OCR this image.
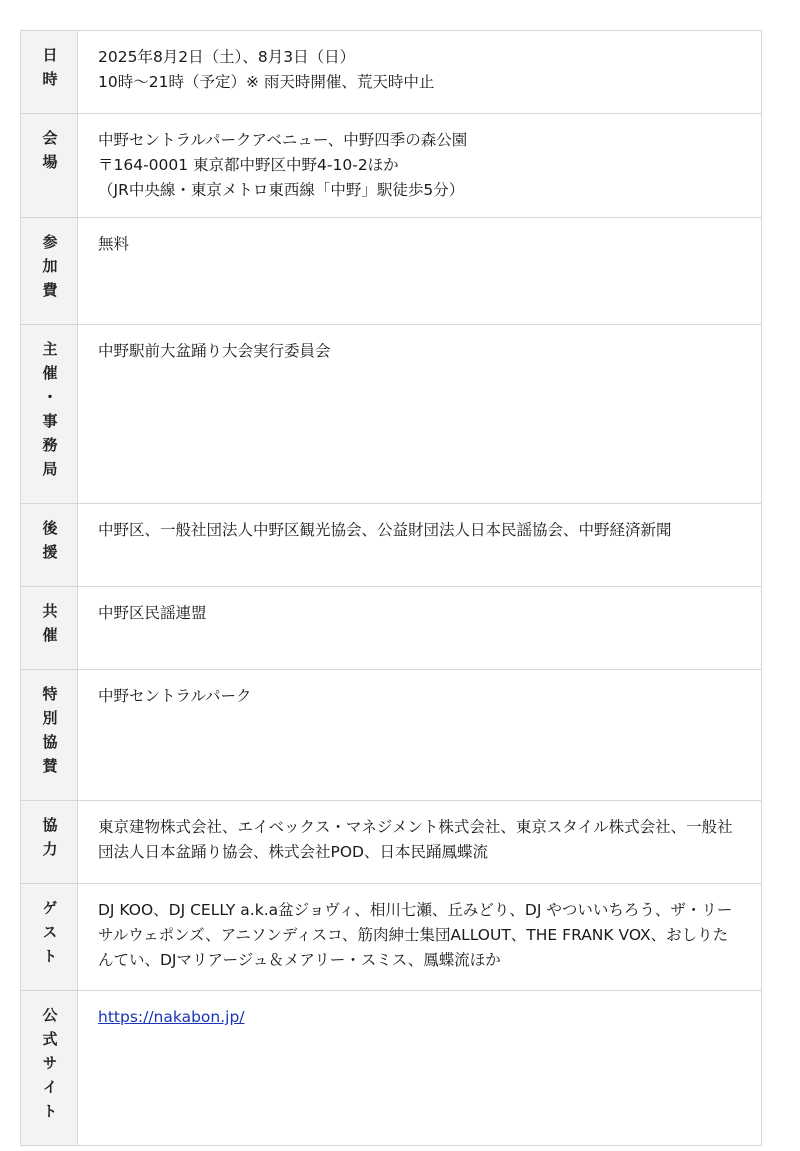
日時	2025年8月2日（土）、8月3日（日）
10時～21時（予定）※ 雨天時開催、荒天時中止

会場	中野セントラルパークアベニュー、中野四季の森公園
〒164-0001 東京都中野区中野4-10-2ほか
（JR中央線・東京メトロ東西線「中野」駅徒歩5分）

参加費	無料

主催・事務局	中野駅前大盆踊り大会実行委員会

後援	中野区、一般社団法人中野区観光協会、公益財団法人日本民謡協会、中野経済新聞

共催	中野区民謡連盟

特別協賛	中野セントラルパーク

協力	東京建物株式会社、エイベックス・マネジメント株式会社、東京スタイル株式会社、一般社団法人日本盆踊り協会、株式会社POD、日本民踊鳳蝶流

ゲスト	DJ KOO、DJ CELLY a.k.a盆ジョヴィ、相川七瀬、丘みどり、DJ やついいちろう、ザ・リーサルウェポンズ、アニソンディスコ、筋肉紳士集団ALLOUT、THE FRANK VOX、おしりたんてい、DJマリアージュ＆メアリー・スミス、鳳蝶流ほか

公式サイト	https://nakabon.jp/
